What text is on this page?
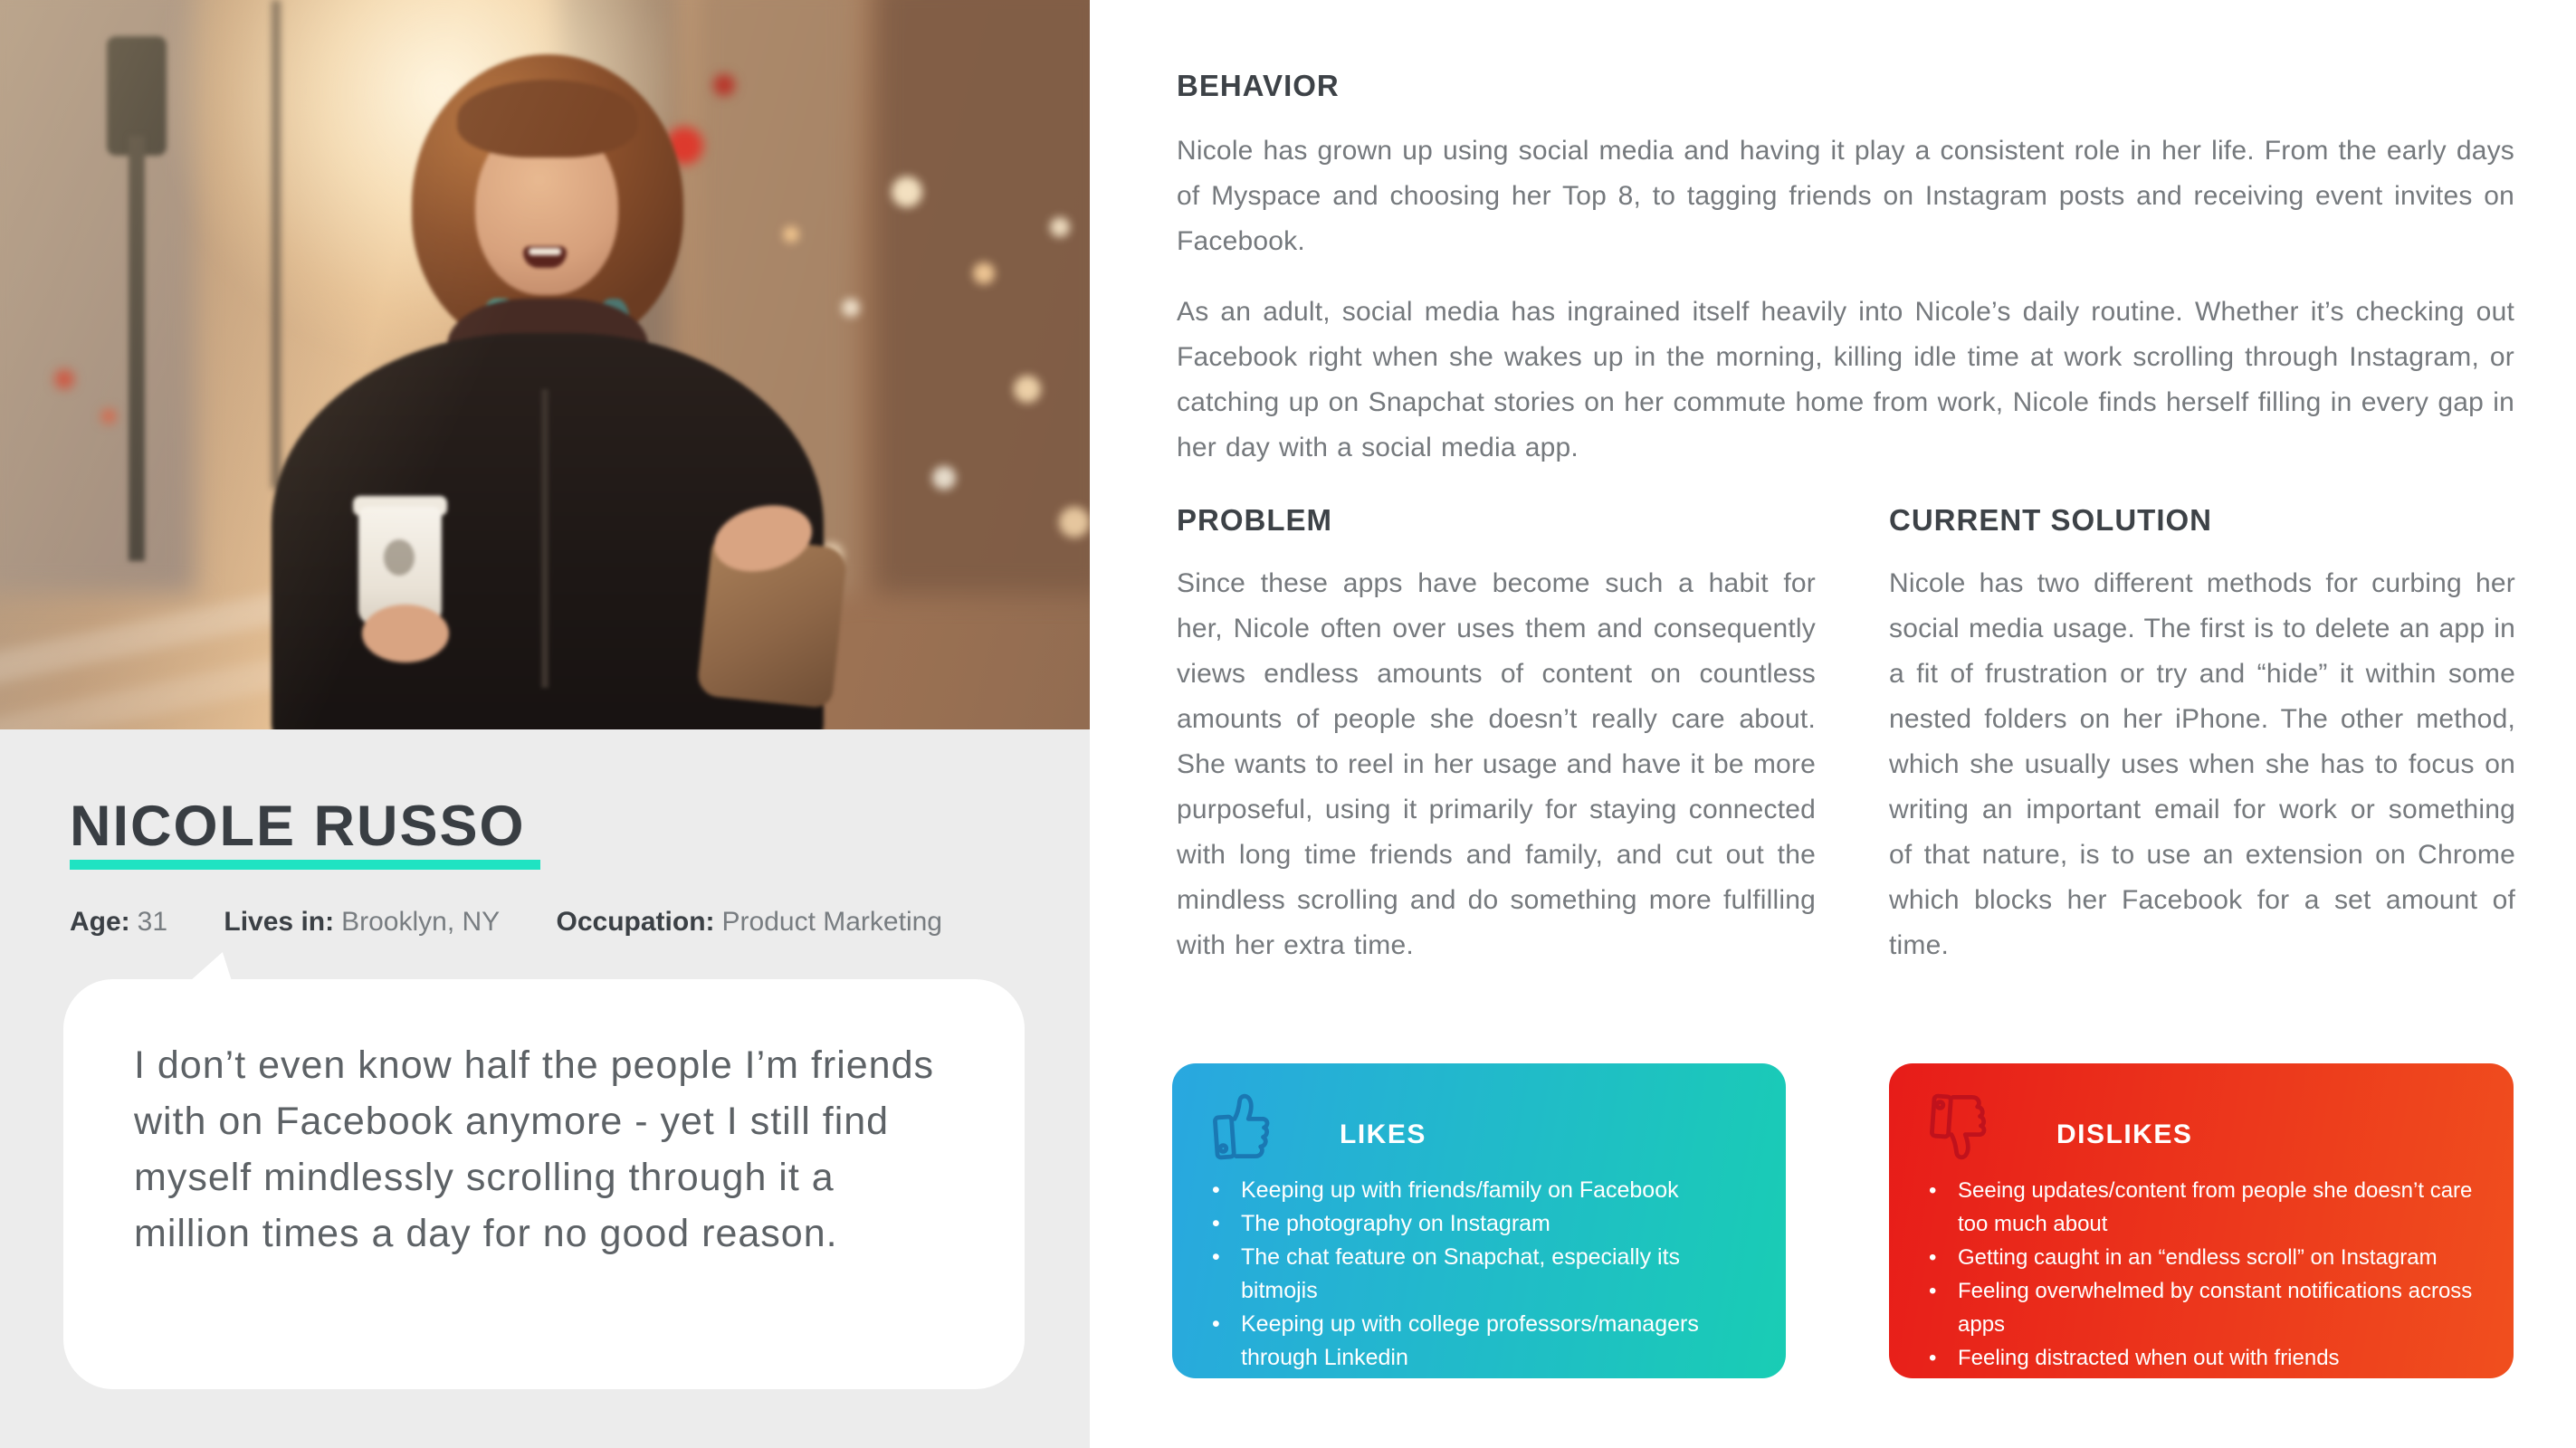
NICOLE RUSSO
Age: 31 Lives in: Brooklyn, NY Occupation: Product Marketing
I don’t even know half the people I’m friends with on Facebook anymore - yet I still find myself mindlessly scrolling through it a million times a day for no good reason.
BEHAVIOR

Nicole has grown up using social media and having it play a consistent role in her life. From the early days of Myspace and choosing her Top 8, to tagging friends on Instagram posts and receiving event invites on Facebook.

As an adult, social media has ingrained itself heavily into Nicole’s daily routine. Whether it’s checking out Facebook right when she wakes up in the morning, killing idle time at work scrolling through Instagram, or catching up on Snapchat stories on her commute home from work, Nicole finds herself filling in every gap in her day with a social media app.

PROBLEM

Since these apps have become such a habit for her, Nicole often over uses them and consequently views endless amounts of content on countless amounts of people she doesn’t really care about. She wants to reel in her usage and have it be more purposeful, using it primarily for staying connected with long time friends and family, and cut out the mindless scrolling and do something more fulfilling with her extra time.

CURRENT SOLUTION

Nicole has two different methods for curbing her social media usage. The first is to delete an app in a fit of frustration or try and “hide” it within some nested folders on her iPhone. The other method, which she usually uses when she has to focus on writing an important email for work or something of that nature, is to use an extension on Chrome which blocks her Facebook for a set amount of time.

LIKES
• Keeping up with friends/family on Facebook
• The photography on Instagram
• The chat feature on Snapchat, especially its bitmojis
• Keeping up with college professors/managers through Linkedin
DISLIKES
• Seeing updates/content from people she doesn’t care too much about
• Getting caught in an “endless scroll” on Instagram
• Feeling overwhelmed by constant notifications across apps
• Feeling distracted when out with friends
